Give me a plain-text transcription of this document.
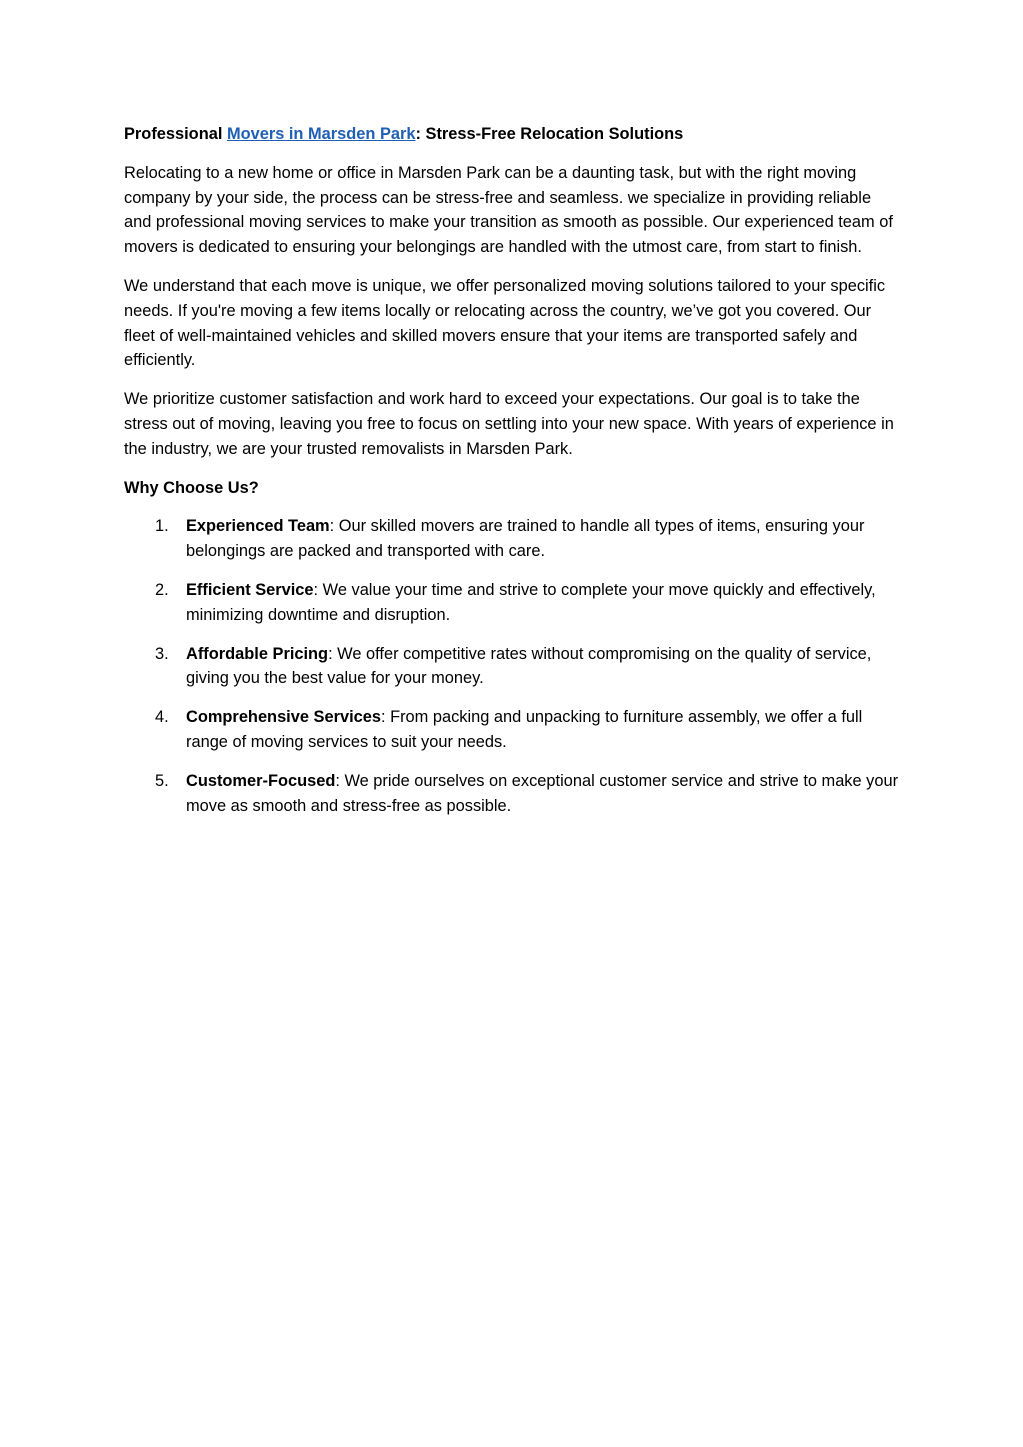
Professional Movers in Marsden Park: Stress-Free Relocation Solutions

Relocating to a new home or office in Marsden Park can be a daunting task, but with the right moving company by your side, the process can be stress-free and seamless. we specialize in providing reliable and professional moving services to make your transition as smooth as possible. Our experienced team of movers is dedicated to ensuring your belongings are handled with the utmost care, from start to finish.

We understand that each move is unique, we offer personalized moving solutions tailored to your specific needs. If you're moving a few items locally or relocating across the country, we’ve got you covered. Our fleet of well-maintained vehicles and skilled movers ensure that your items are transported safely and efficiently.

We prioritize customer satisfaction and work hard to exceed your expectations. Our goal is to take the stress out of moving, leaving you free to focus on settling into your new space. With years of experience in the industry, we are your trusted removalists in Marsden Park.

Why Choose Us?

1. Experienced Team: Our skilled movers are trained to handle all types of items, ensuring your belongings are packed and transported with care.
2. Efficient Service: We value your time and strive to complete your move quickly and effectively, minimizing downtime and disruption.
3. Affordable Pricing: We offer competitive rates without compromising on the quality of service, giving you the best value for your money.
4. Comprehensive Services: From packing and unpacking to furniture assembly, we offer a full range of moving services to suit your needs.
5. Customer-Focused: We pride ourselves on exceptional customer service and strive to make your move as smooth and stress-free as possible.
